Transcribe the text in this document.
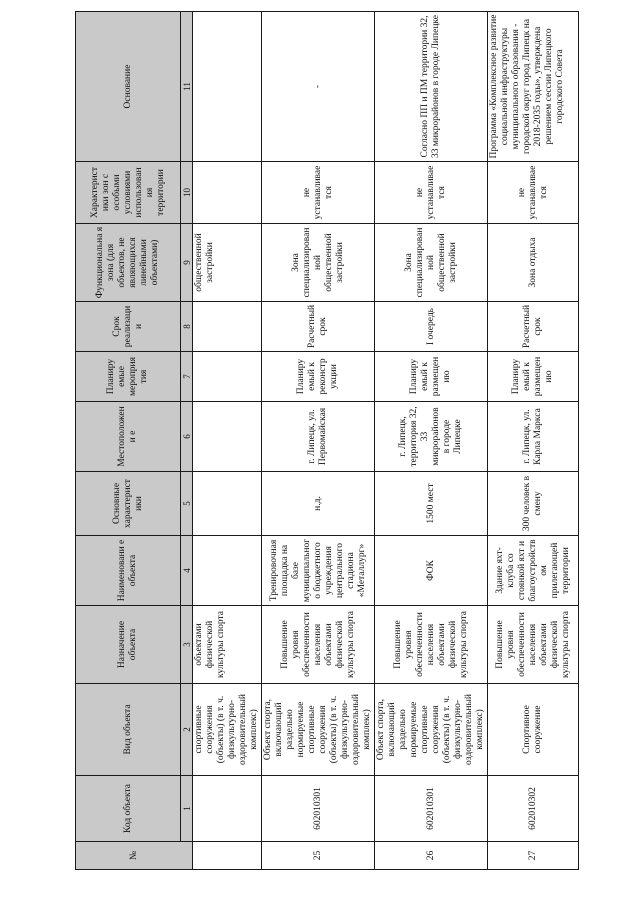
№	Код объекта	Вид объекта	Назначение объекта	Наименовани е объекта	Основные характерист ики	Местоположени е	Планиру емые мероприя тия	Срок реализаци и	Функциональна я зона (для объектов, не являющихся линейными объектами)	Характерист ики зон с особыми условиями использован ия территории	Основание
	1	2	3	4	5	6	7	8	9	10	11
		спортивные сооружения (объекты) (в т. ч. физкультурно-оздоровительный комплекс)	объектами физической культуры спорта						общественной застройки		
25	602010301	Объект спорта, включающий раздельно нормируемые спортивные сооружения (объекты) (в т. ч. физкультурно-оздоровительный комплекс)	Повышение уровня обеспеченности населения объектами физической культуры спорта	Тренировочная площадка на базе муниципальног о бюджетного учреждения центрального стадиона «Металлург»	н.д.	г. Липецк, ул. Первомайская	Планиру емый к реконстр укции	Расчетный срок	Зона специализирован ной общественной застройки	не устанавливае тся	-
26	602010301	Объект спорта, включающий раздельно нормируемые спортивные сооружения (объекты) (в т. ч. физкультурно-оздоровительный комплекс)	Повышение уровня обеспеченности населения объектами физической культуры спорта	ФОК	1500 мест	г. Липецк, территория 32, 33 микрорайонов в городе Липецке	Планиру емый к размещен ию	I очередь	Зона специализирован ной общественной застройки	не устанавливае тся	Согласно ПП и ПМ территории 32, 33 микрорайонов в городе Липецке
27	602010302	Спортивное сооружение	Повышение уровня обеспеченности населения объектами физической культуры спорта	Здание яхт-клуба со стоянкой яхт и благоустройств ом прилегающей территории	300 человек в смену	г. Липецк, ул. Карла Маркса	Планиру емый к размещен ию	Расчетный срок	Зона отдыха	не устанавливае тся	Программа «Комплексное развитие социальной инфраструктуры муниципального образования - городской округ город Липецк на 2018-2035 годы», утверждена решением сессии Липецкого городского Совета
